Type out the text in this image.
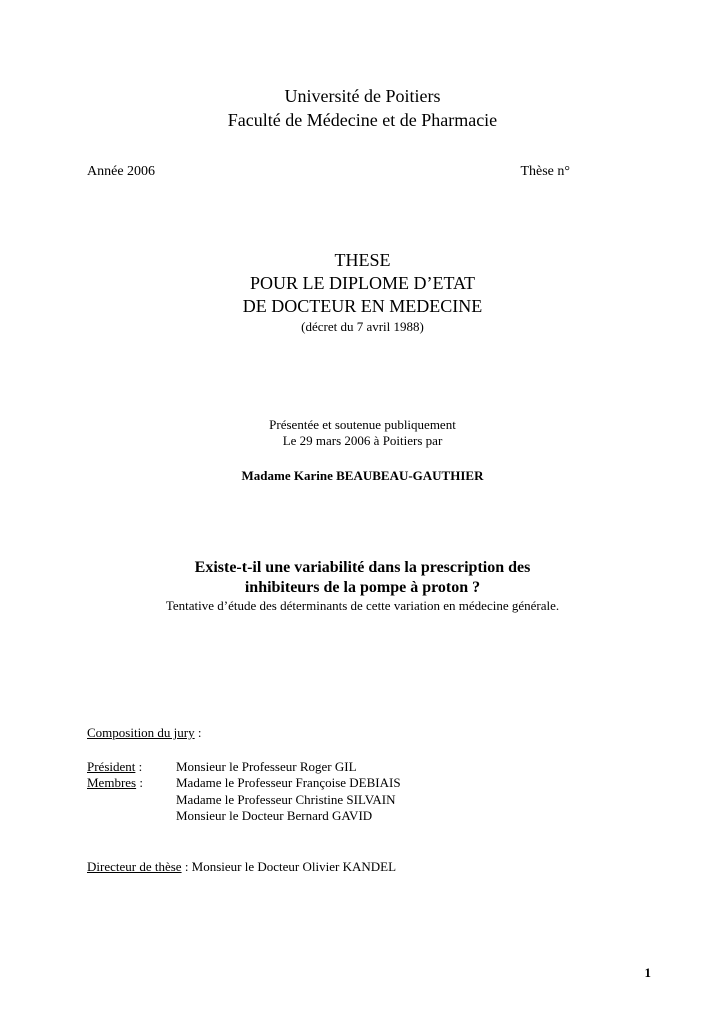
Université de Poitiers
Faculté de Médecine et de Pharmacie
Année 2006	Thèse n°
THESE
POUR LE DIPLOME D’ETAT
DE DOCTEUR EN MEDECINE
(décret du 7 avril 1988)
Présentée et soutenue publiquement
Le 29 mars 2006 à Poitiers par
Madame Karine BEAUBEAU-GAUTHIER
Existe-t-il une variabilité dans la prescription des
inhibiteurs de la pompe à proton ?
Tentative d’étude des déterminants de cette variation en médecine générale.
Composition du jury :
Président :	Monsieur le Professeur Roger GIL
Membres :	Madame le Professeur Françoise DEBIAIS
Madame le Professeur Christine SILVAIN
Monsieur le Docteur Bernard GAVID
Directeur de thèse : Monsieur le Docteur Olivier KANDEL
1
